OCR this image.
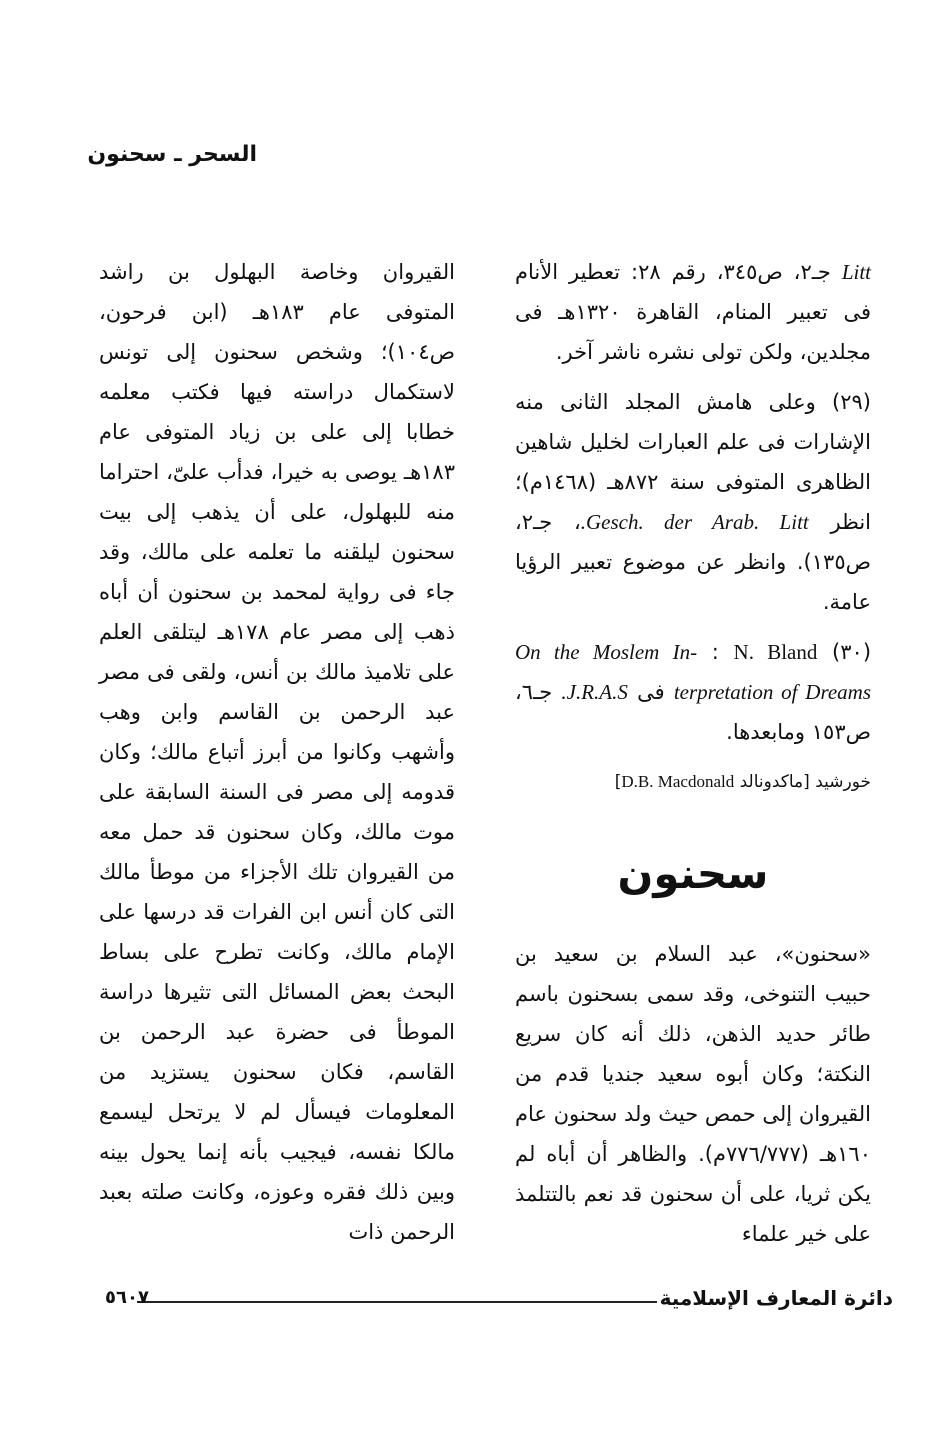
السحر ـ سحنون

Litt جـ٢، ص٣٤٥، رقم ٢٨: تعطير الأنام فى تعبير المنام، القاهرة ١٣٢٠هـ فى مجلدين، ولكن تولى نشره ناشر آخر.

(٢٩) وعلى هامش المجلد الثانى منه الإشارات فى علم العبارات لخليل شاهين الظاهرى المتوفى سنة ٨٧٢هـ (١٤٦٨م)؛ انظر Gesch. der Arab. Litt.، جـ٢، ص١٣٥). وانظر عن موضوع تعبير الرؤيا عامة.

(٣٠) N. Bland : On the Moslem In- terpretation of Dreams فى J.R.A.S. جـ٦، ص١٥٣ ومابعدها.

خورشيد [ماكدونالد D.B. Macdonald]

سحنون

«سحنون»، عبد السلام بن سعيد بن حبيب التنوخى، وقد سمى بسحنون باسم طائر حديد الذهن، ذلك أنه كان سريع النكتة؛ وكان أبوه سعيد جنديا قدم من القيروان إلى حمص حيث ولد سحنون عام ١٦٠هـ (٧٧٦/٧٧٧م). والظاهر أن أباه لم يكن ثريا، على أن سحنون قد نعم بالتتلمذ على خير علماء

القيروان وخاصة البهلول بن راشد المتوفى عام ١٨٣هـ (ابن فرحون، ص١٠٤)؛ وشخص سحنون إلى تونس لاستكمال دراسته فيها فكتب معلمه خطابا إلى على بن زياد المتوفى عام ١٨٣هـ يوصى به خيرا، فدأب علىّ، احتراما منه للبهلول، على أن يذهب إلى بيت سحنون ليلقنه ما تعلمه على مالك، وقد جاء فى رواية لمحمد بن سحنون أن أباه ذهب إلى مصر عام ١٧٨هـ ليتلقى العلم على تلاميذ مالك بن أنس، ولقى فى مصر عبد الرحمن بن القاسم وابن وهب وأشهب وكانوا من أبرز أتباع مالك؛ وكان قدومه إلى مصر فى السنة السابقة على موت مالك، وكان سحنون قد حمل معه من القيروان تلك الأجزاء من موطأ مالك التى كان أنس ابن الفرات قد درسها على الإمام مالك، وكانت تطرح على بساط البحث بعض المسائل التى تثيرها دراسة الموطأ فى حضرة عبد الرحمن بن القاسم، فكان سحنون يستزيد من المعلومات فيسأل لم لا يرتحل ليسمع مالكا نفسه، فيجيب بأنه إنما يحول بينه وبين ذلك فقره وعوزه، وكانت صلته بعبد الرحمن ذات

دائرة المعارف الإسلامية
٥٦٠٧
